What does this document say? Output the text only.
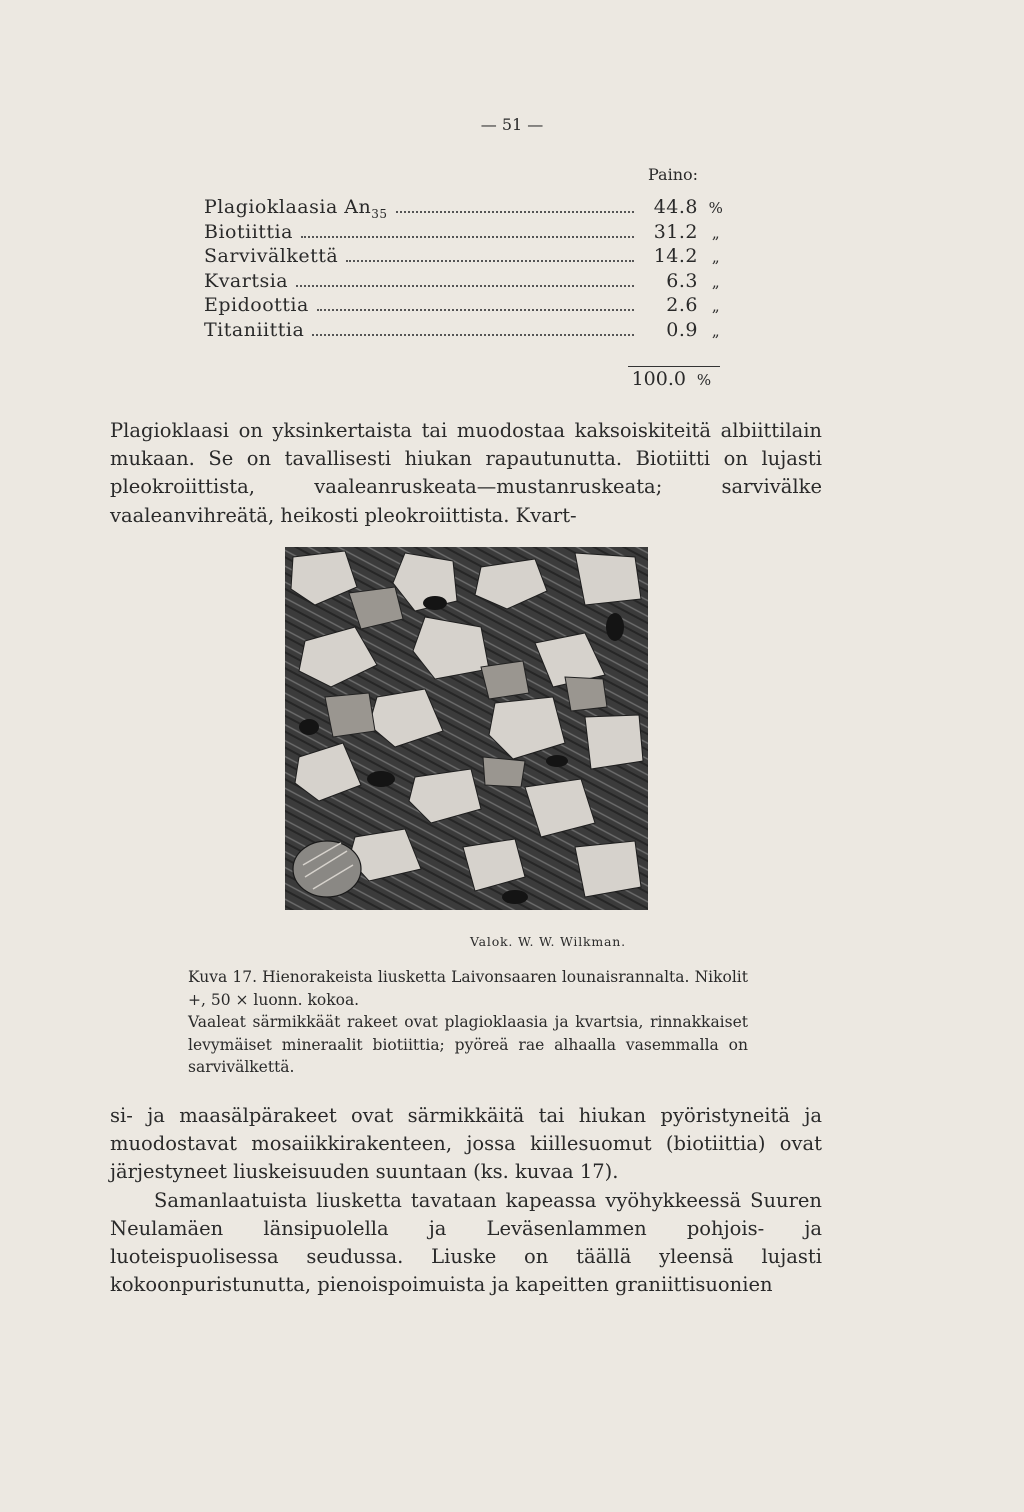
— 51 —
Paino:
Plagioklaasia $An_{35}$	44.8 %
Biotiittia	31.2 „
Sarvivälkettä	14.2 „
Kvartsia	6.3 „
Epidoottia	2.6 „
Titaniittia	0.9 „
100.0 %
Plagioklaasi on yksinkertaista tai muodostaa kaksoiskiteitä albiittilain mukaan. Se on tavallisesti hiukan rapautunutta. Biotiitti on lujasti pleokroiittista, vaaleanruskeata—mustanruskeata; sarvivälke vaaleanvihreätä, heikosti pleokroiittista. Kvart-
Valok. W. W. Wilkman.
Kuva 17. Hienorakeista liusketta Laivonsaaren lounaisrannalta. Nikolit +, 50 × luonn. kokoa.
Vaaleat särmikkäät rakeet ovat plagioklaasia ja kvartsia, rinnakkaiset levymäiset mineraalit biotiittia; pyöreä rae alhaalla vasemmalla on sarvivälkettä.
si- ja maasälpärakeet ovat särmikkäitä tai hiukan pyöristyneitä ja muodostavat mosaiikkirakenteen, jossa kiillesuomut (biotiittia) ovat järjestyneet liuskeisuuden suuntaan (ks. kuvaa 17).
Samanlaatuista liusketta tavataan kapeassa vyöhykkeessä Suuren Neulamäen länsipuolella ja Leväsenlammen pohjois- ja luoteispuolisessa seudussa. Liuske on täällä yleensä lujasti kokoonpuristunutta, pienoispoimuista ja kapeitten graniittisuonien
